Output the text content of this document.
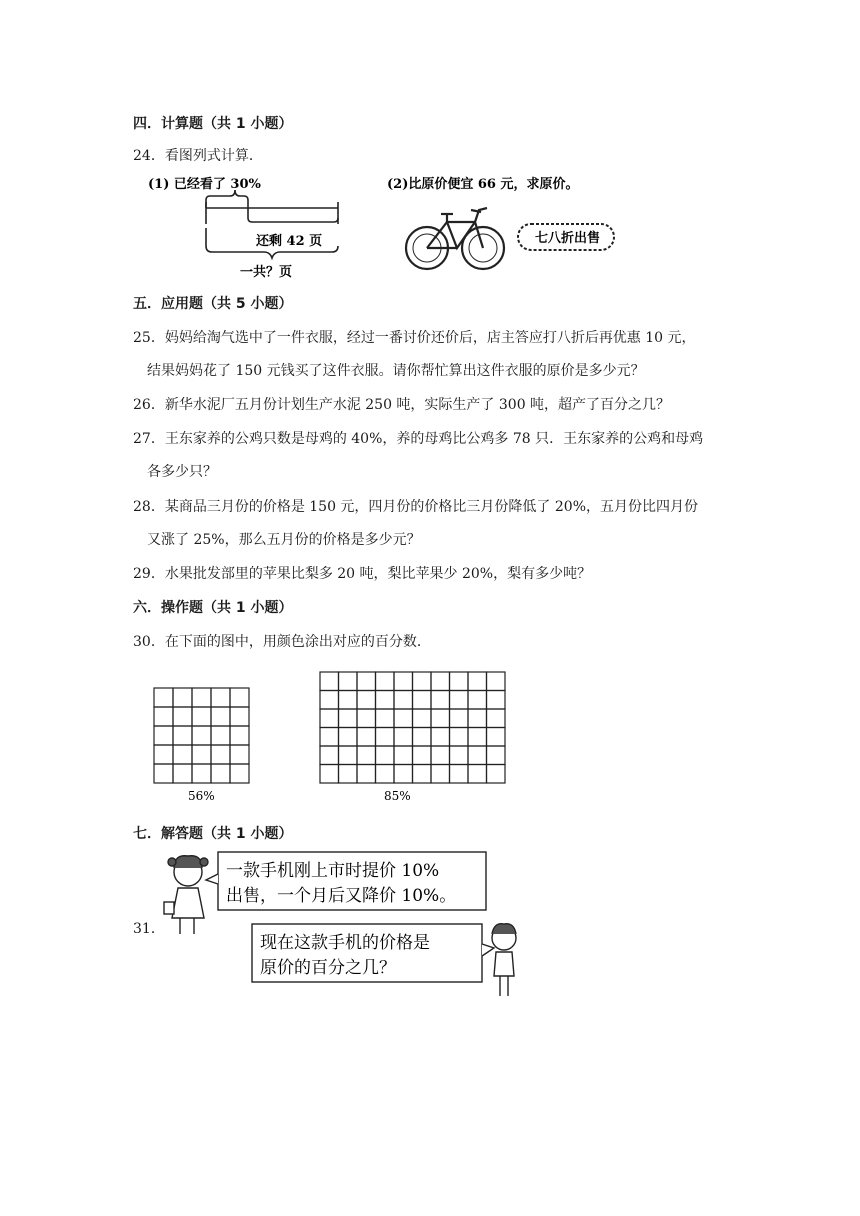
四．计算题（共 1 小题）
24．看图列式计算．
(1) 已经看了 30%
还剩 42 页
一共？页
(2)比原价便宜 66 元，求原价。
七八折出售
五．应用题（共 5 小题）
25．妈妈给淘气选中了一件衣服，经过一番讨价还价后，店主答应打八折后再优惠 10 元，
结果妈妈花了 150 元钱买了这件衣服。请你帮忙算出这件衣服的原价是多少元？
26．新华水泥厂五月份计划生产水泥 250 吨，实际生产了 300 吨，超产了百分之几？
27．王东家养的公鸡只数是母鸡的 40%，养的母鸡比公鸡多 78 只．王东家养的公鸡和母鸡
各多少只？
28．某商品三月份的价格是 150 元，四月份的价格比三月份降低了 20%，五月份比四月份
又涨了 25%，那么五月份的价格是多少元？
29．水果批发部里的苹果比梨多 20 吨，梨比苹果少 20%，梨有多少吨？
六．操作题（共 1 小题）
30．在下面的图中，用颜色涂出对应的百分数．
56%	85%
七．解答题（共 1 小题）
31．
一款手机刚上市时提价 10%
出售，一个月后又降价 10%。
现在这款手机的价格是
原价的百分之几？
